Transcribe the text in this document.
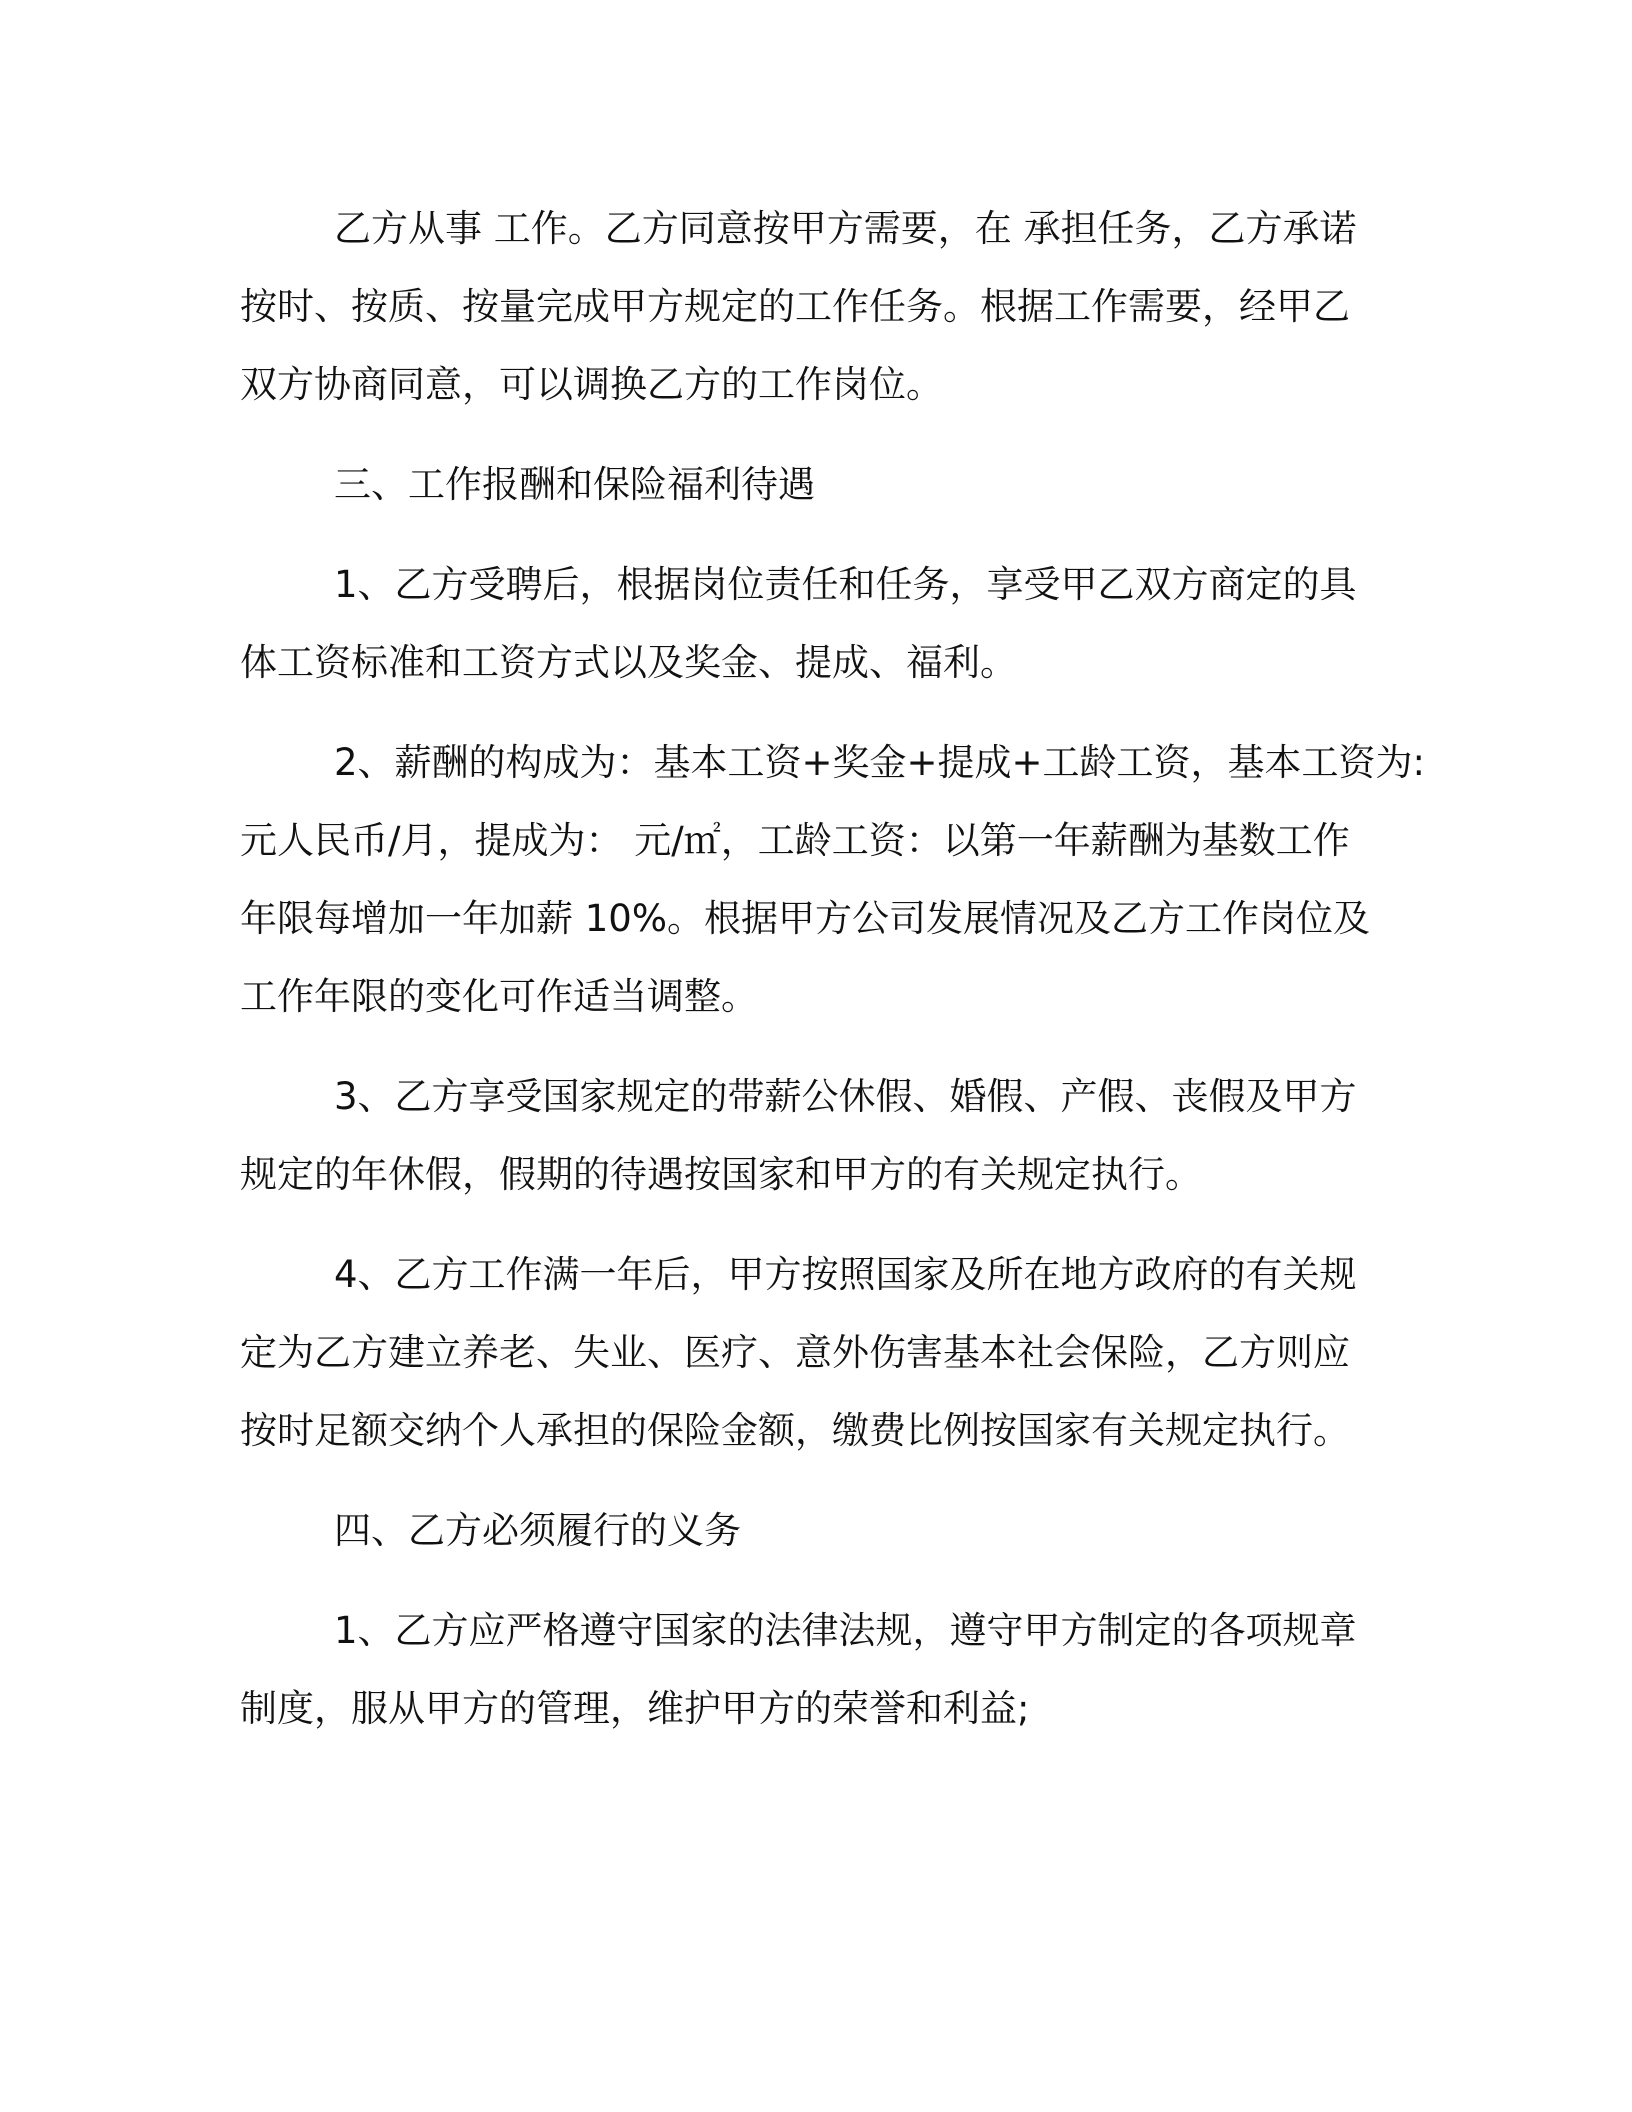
乙方从事 工作。乙方同意按甲方需要，在 承担任务，乙方承诺
按时、按质、按量完成甲方规定的工作任务。根据工作需要，经甲乙
双方协商同意，可以调换乙方的工作岗位。
三、工作报酬和保险福利待遇
1、乙方受聘后，根据岗位责任和任务，享受甲乙双方商定的具
体工资标准和工资方式以及奖金、提成、福利。
2、薪酬的构成为：基本工资+奖金+提成+工龄工资，基本工资为:
元人民币/月，提成为： 元/㎡，工龄工资：以第一年薪酬为基数工作
年限每增加一年加薪 10%。根据甲方公司发展情况及乙方工作岗位及
工作年限的变化可作适当调整。
3、乙方享受国家规定的带薪公休假、婚假、产假、丧假及甲方
规定的年休假，假期的待遇按国家和甲方的有关规定执行。
4、乙方工作满一年后，甲方按照国家及所在地方政府的有关规
定为乙方建立养老、失业、医疗、意外伤害基本社会保险，乙方则应
按时足额交纳个人承担的保险金额，缴费比例按国家有关规定执行。
四、乙方必须履行的义务
1、乙方应严格遵守国家的法律法规，遵守甲方制定的各项规章
制度，服从甲方的管理，维护甲方的荣誉和利益;
